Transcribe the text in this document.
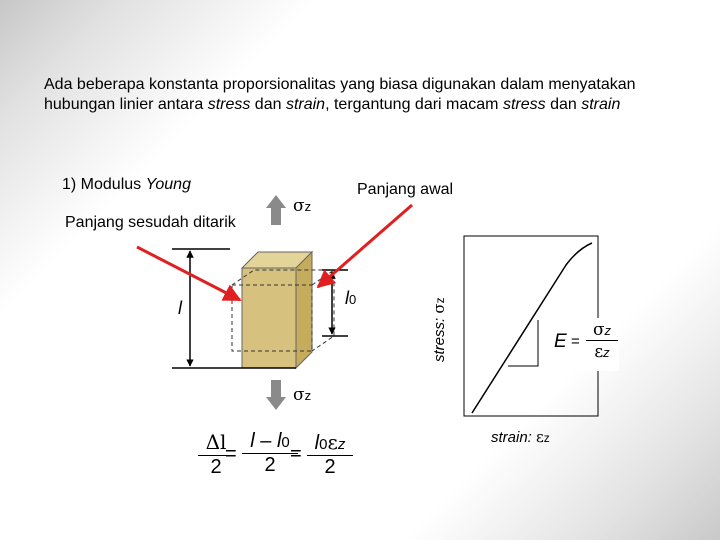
Ada beberapa konstanta proporsionalitas yang biasa digunakan dalam menyatakan hubungan linier antara stress dan strain, tergantung dari macam stress dan strain
1) Modulus Young	Panjang awal
Panjang sesudah ditarik
σz
σz
l	l0
stress: σz
strain: εz
$E = \frac{\sigma z}{\varepsilon z}$
$\frac{\Delta l}{2}$
= $\frac{l - l0}{2}$
= $\frac{l0\varepsilon z}{2}$
